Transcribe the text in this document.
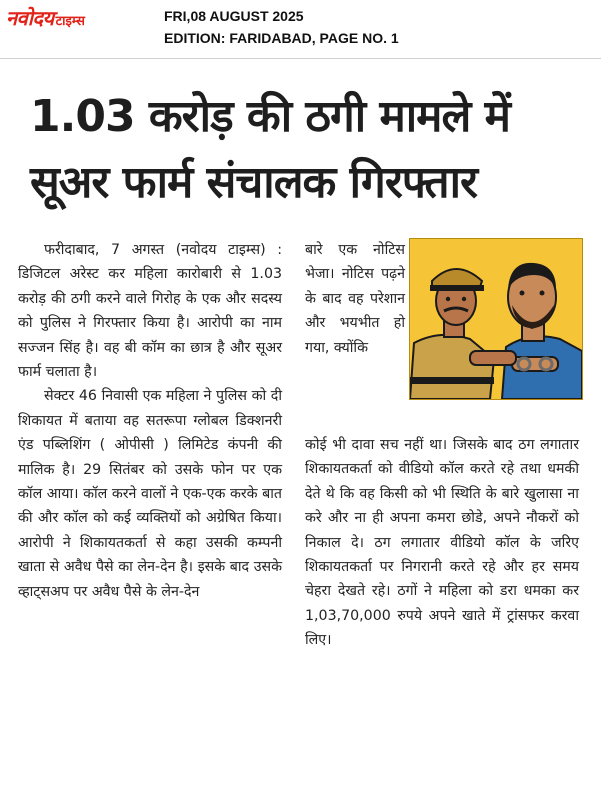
नवोदय टाइम्स	FRI,08 AUGUST 2025
EDITION: FARIDABAD, PAGE NO. 1
1.03 करोड़ की ठगी मामले में
सूअर फार्म संचालक गिरफ्तार

फरीदाबाद, 7 अगस्त (नवोदय टाइम्स) : डिजिटल अरेस्ट कर महिला कारोबारी से 1.03 करोड़ की ठगी करने वाले गिरोह के एक और सदस्य को पुलिस ने गिरफ्तार किया है। आरोपी का नाम सज्जन सिंह है। वह बी कॉम का छात्र है और सूअर फार्म चलाता है।

सेक्टर 46 निवासी एक महिला ने पुलिस को दी शिकायत में बताया वह सतरूपा ग्लोबल डिक्शनरी एंड पब्लिशिंग ( ओपीसी ) लिमिटेड कंपनी की मालिक है। 29 सितंबर को उसके फोन पर एक कॉल आया। कॉल करने वालों ने एक-एक करके बात की और कॉल को कई व्यक्तियों को अग्रेषित किया। आरोपी ने शिकायतकर्ता से कहा उसकी कम्पनी खाता से अवैध पैसे का लेन-देन है। इसके बाद उसके व्हाट्सअप पर अवैध पैसे के लेन-देन

बारे एक नोटिस भेजा। नोटिस पढ़ने के बाद वह परेशान और भयभीत हो गया, क्योंकि

कोई भी दावा सच नहीं था। जिसके बाद ठग लगातार शिकायतकर्ता को वीडियो कॉल करते रहे तथा धमकी देते थे कि वह किसी को भी स्थिति के बारे खुलासा ना करे और ना ही अपना कमरा छोडे, अपने नौकरों को निकाल दे। ठग लगातार वीडियो कॉल के जरिए शिकायतकर्ता पर निगरानी करते रहे और हर समय चेहरा देखते रहे। ठगों ने महिला को डरा धमका कर 1,03,70,000 रुपये अपने खाते में ट्रांसफर करवा लिए।
